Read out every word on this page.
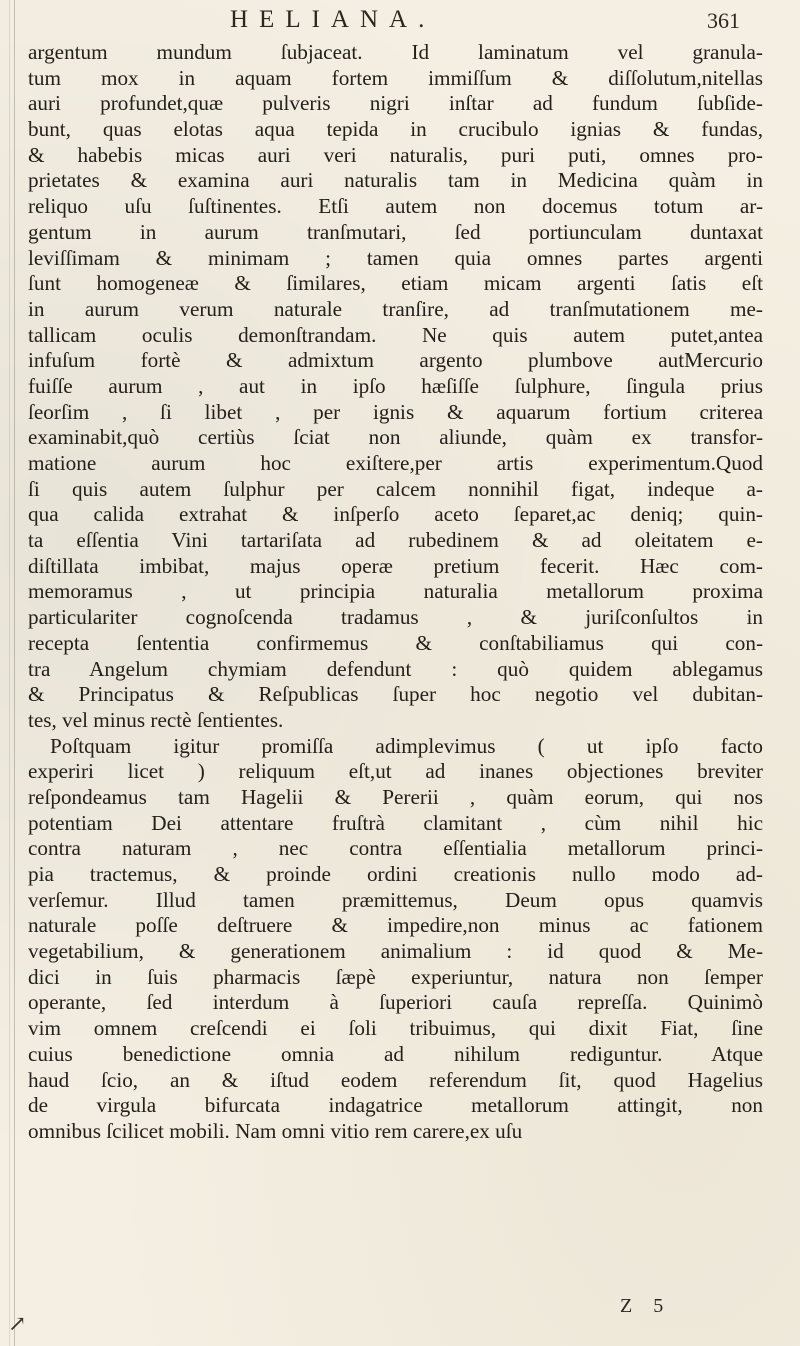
HELIANA.	361
argentum mundum ſubjaceat. Id laminatum vel granula-
tum mox in aquam fortem immiſſum & diſſolutum,nitellas
auri profundet,quæ pulveris nigri inſtar ad fundum ſubſide-
bunt, quas elotas aqua tepida in crucibulo ignias & fundas,
& habebis micas auri veri naturalis, puri puti, omnes pro-
prietates & examina auri naturalis tam in Medicina quàm in
reliquo uſu ſuſtinentes. Etſi autem non docemus totum ar-
gentum in aurum tranſmutari, ſed portiunculam duntaxat
leviſſimam & minimam ; tamen quia omnes partes argenti
ſunt homogeneæ & ſimilares, etiam micam argenti ſatis eſt
in aurum verum naturale tranſire, ad tranſmutationem me-
tallicam oculis demonſtrandam. Ne quis autem putet,antea
infuſum fortè & admixtum argento plumbove autMercurio
fuiſſe aurum , aut in ipſo hæſiſſe ſulphure, ſingula prius
ſeorſim , ſi libet , per ignis & aquarum fortium criterea
examinabit,quò certiùs ſciat non aliunde, quàm ex transfor-
matione aurum hoc exiſtere,per artis experimentum.Quod
ſi quis autem ſulphur per calcem nonnihil figat, indeque a-
qua calida extrahat & inſperſo aceto ſeparet,ac deniq; quin-
ta eſſentia Vini tartariſata ad rubedinem & ad oleitatem e-
diſtillata imbibat, majus operæ pretium fecerit. Hæc com-
memoramus , ut principia naturalia metallorum proxima
particulariter cognoſcenda tradamus , & juriſconſultos in
recepta ſententia confirmemus & conſtabiliamus qui con-
tra Angelum chymiam defendunt : quò quidem ablegamus
& Principatus & Reſpublicas ſuper hoc negotio vel dubitan-
tes, vel minus rectè ſentientes.
Poſtquam igitur promiſſa adimplevimus ( ut ipſo facto
experiri licet ) reliquum eſt,ut ad inanes objectiones breviter
reſpondeamus tam Hagelii & Pererii , quàm eorum, qui nos
potentiam Dei attentare fruſtrà clamitant , cùm nihil hic
contra naturam , nec contra eſſentialia metallorum princi-
pia tractemus, & proinde ordini creationis nullo modo ad-
verſemur. Illud tamen præmittemus, Deum opus quamvis
naturale poſſe deſtruere & impedire,non minus ac fationem
vegetabilium, & generationem animalium : id quod & Me-
dici in ſuis pharmacis ſæpè experiuntur, natura non ſemper
operante, ſed interdum à ſuperiori cauſa repreſſa. Quinimò
vim omnem creſcendi ei ſoli tribuimus, qui dixit Fiat, ſine
cuius benedictione omnia ad nihilum rediguntur. Atque
haud ſcio, an & iſtud eodem referendum ſit, quod Hagelius
de virgula bifurcata indagatrice metallorum attingit, non
omnibus ſcilicet mobili. Nam omni vitio rem carere,ex uſu
Z 5
↗
